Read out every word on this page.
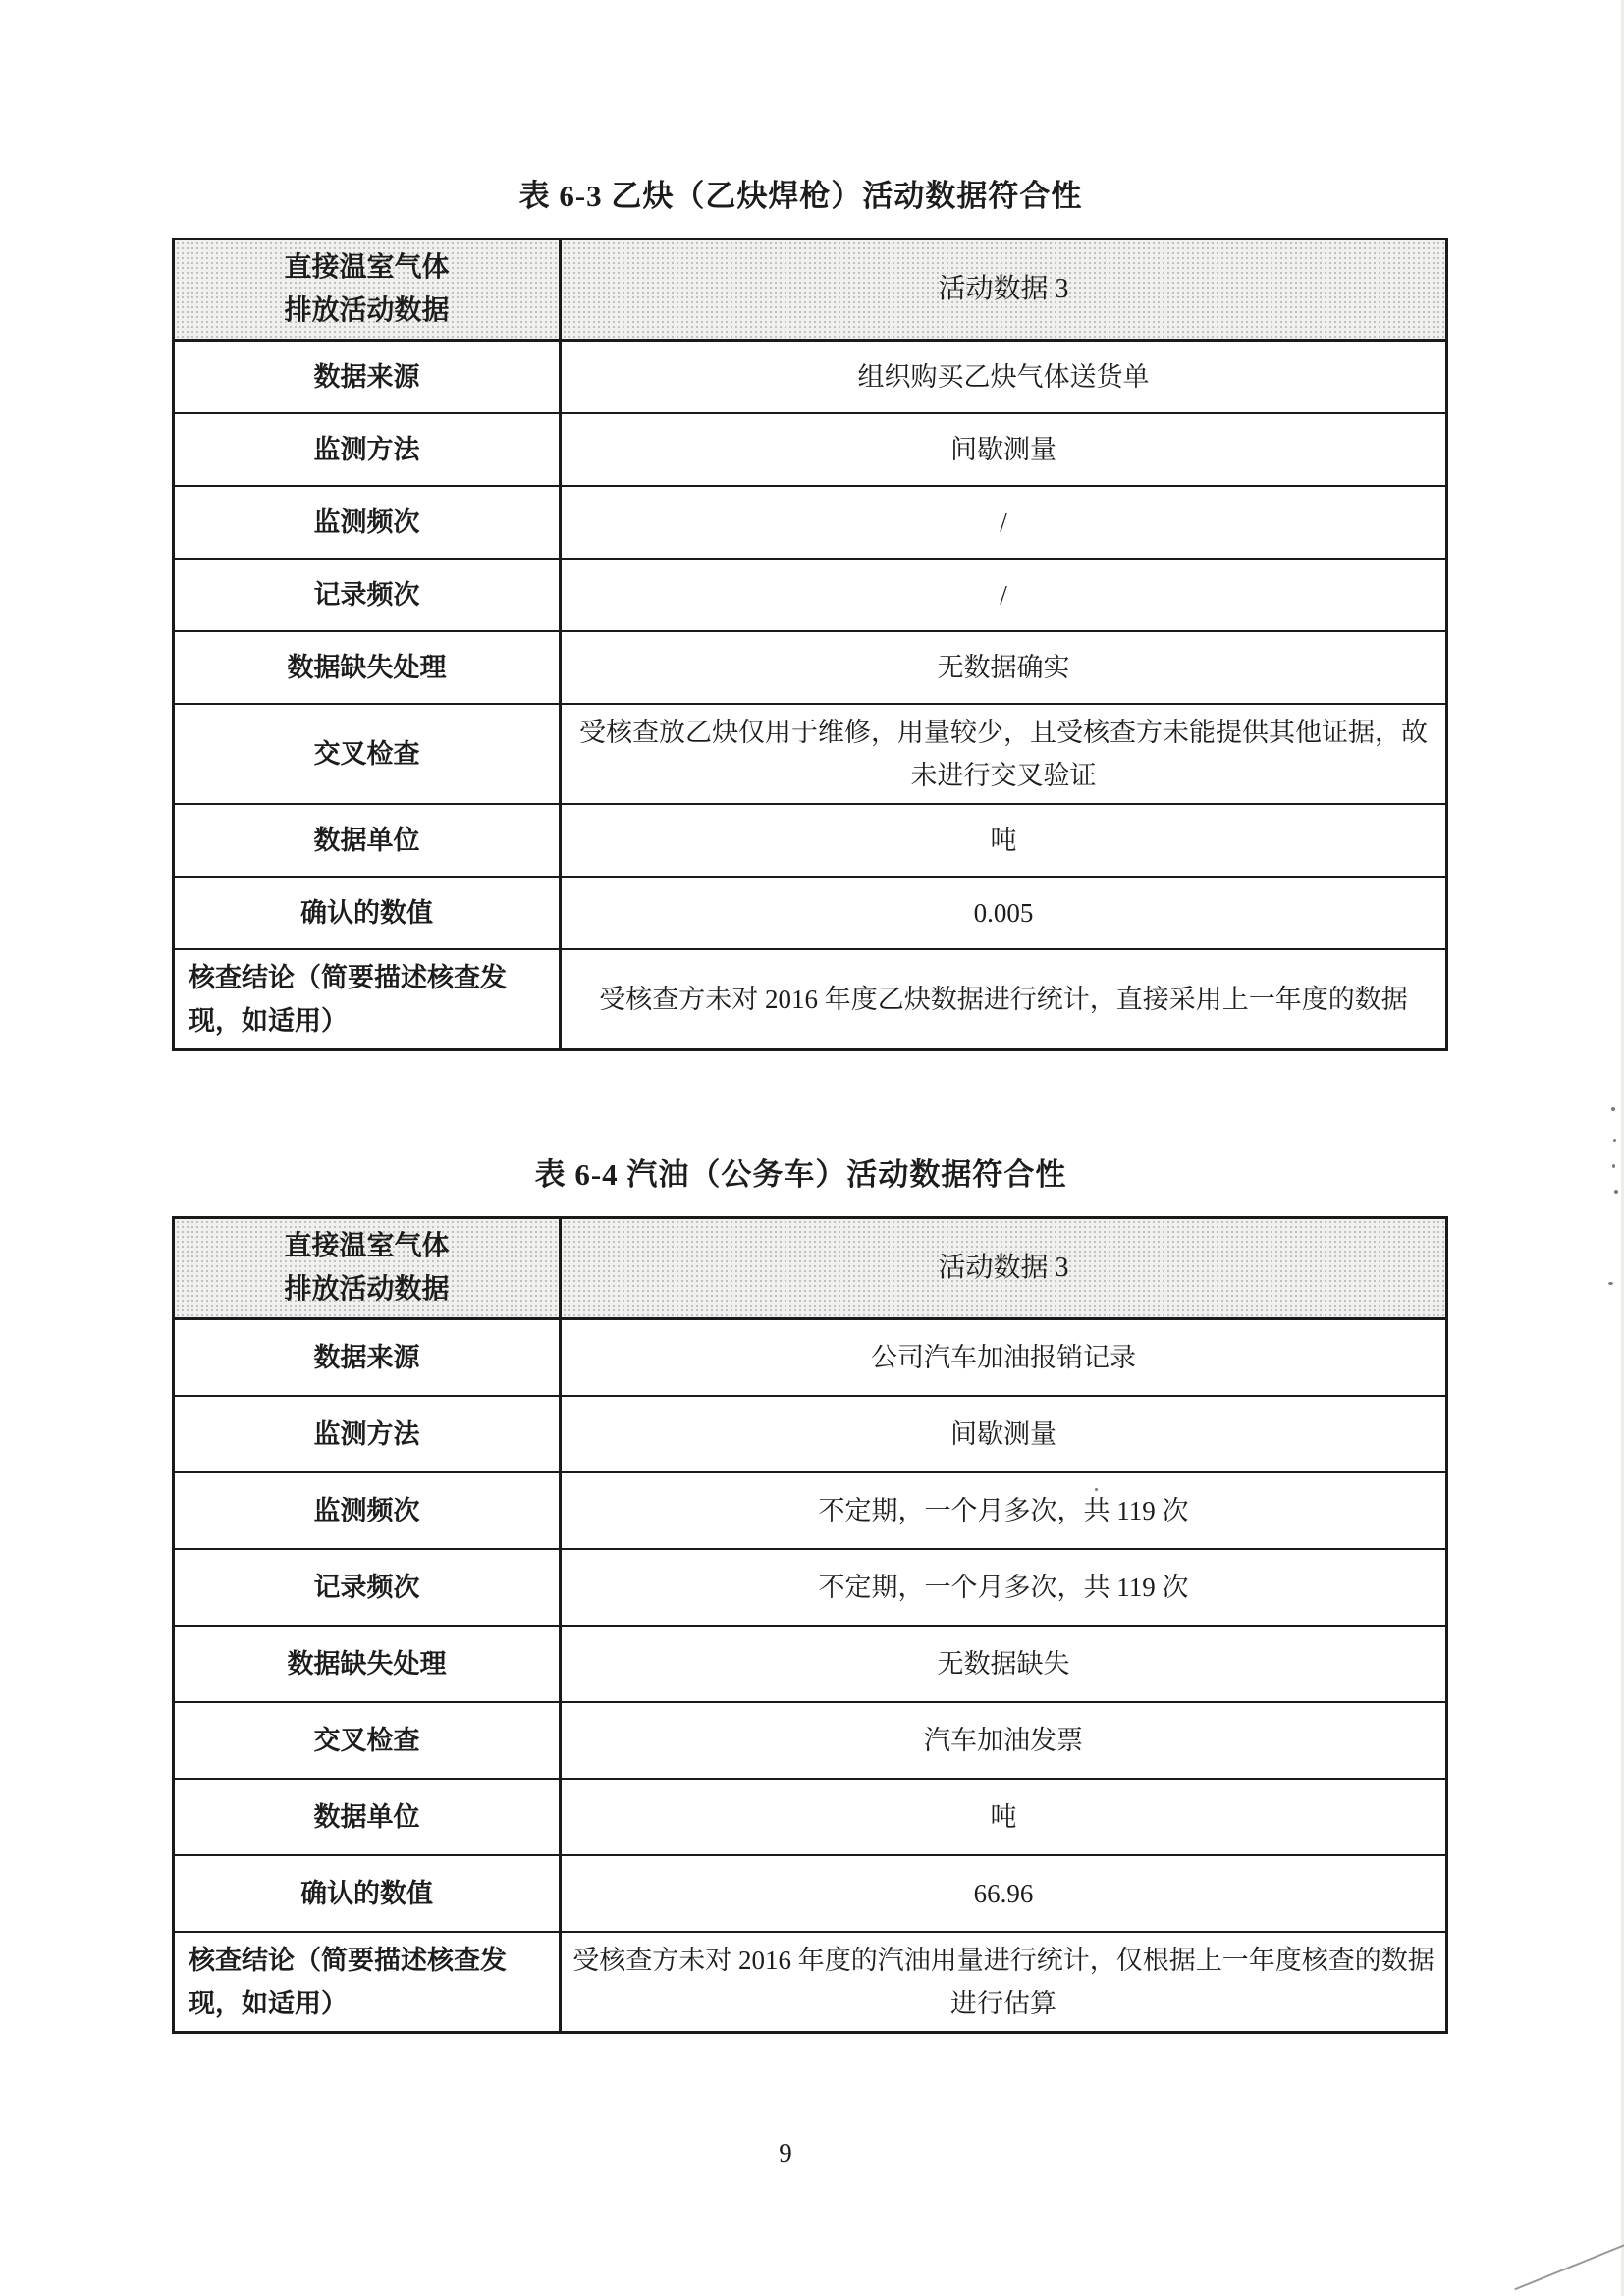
表 6-3 乙炔（乙炔焊枪）活动数据符合性
直接温室气体
排放活动数据	活动数据 3
数据来源	组织购买乙炔气体送货单
监测方法	间歇测量
监测频次	/
记录频次	/
数据缺失处理	无数据确实
交叉检查	受核查放乙炔仅用于维修，用量较少，且受核查方未能提供其他证据，故未进行交叉验证
数据单位	吨
确认的数值	0.005
核查结论（简要描述核查发现，如适用）	受核查方未对 2016 年度乙炔数据进行统计，直接采用上一年度的数据
表 6-4 汽油（公务车）活动数据符合性
直接温室气体
排放活动数据	活动数据 3
数据来源	公司汽车加油报销记录
监测方法	间歇测量
监测频次	不定期，一个月多次，共 119 次
记录频次	不定期，一个月多次，共 119 次
数据缺失处理	无数据缺失
交叉检查	汽车加油发票
数据单位	吨
确认的数值	66.96
核查结论（简要描述核查发现，如适用）	受核查方未对 2016 年度的汽油用量进行统计，仅根据上一年度核查的数据进行估算
9
